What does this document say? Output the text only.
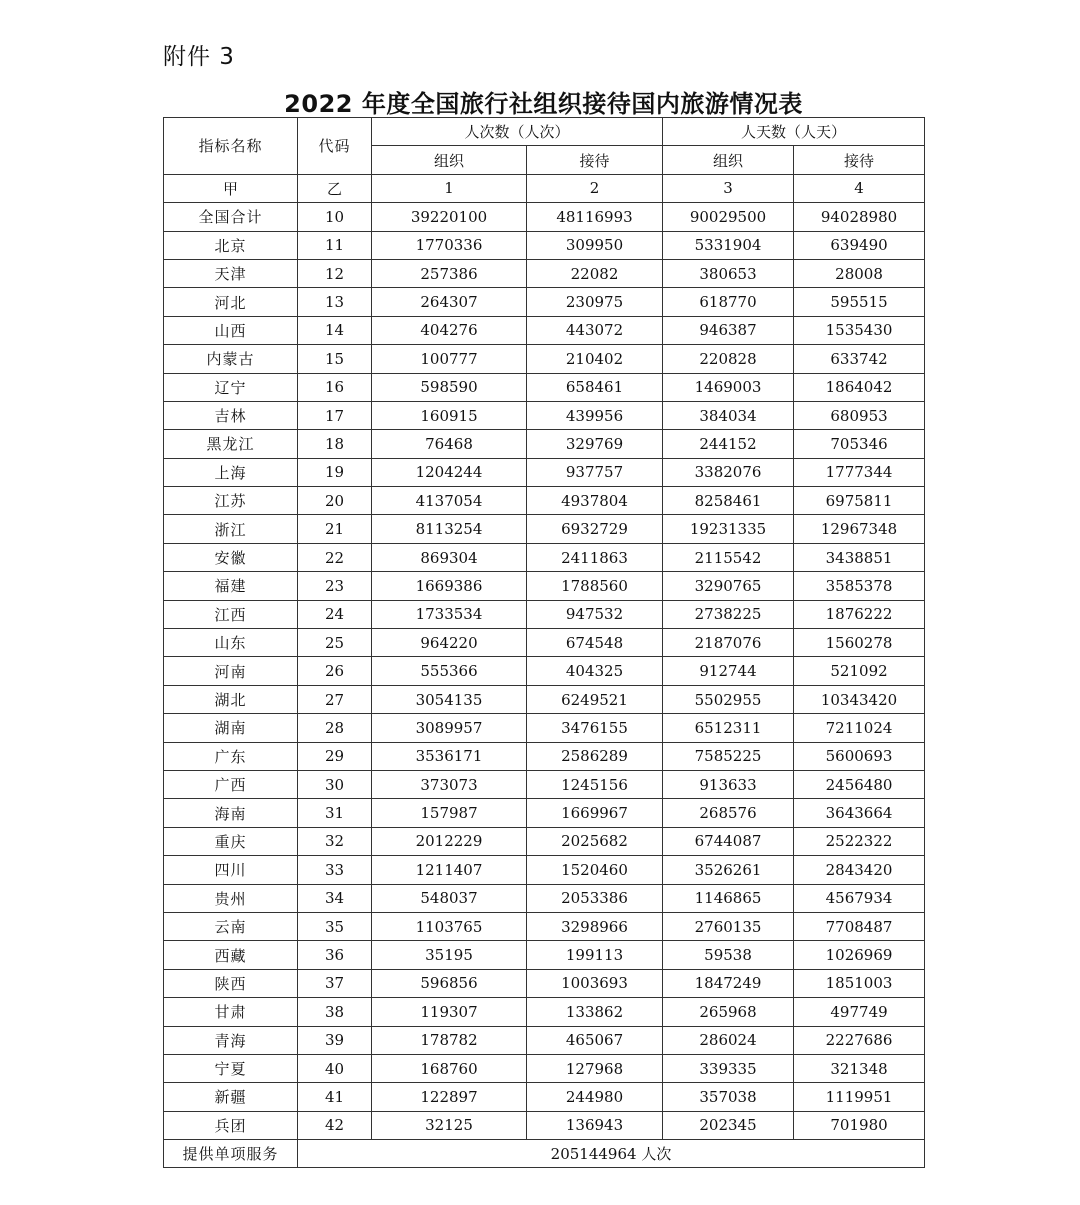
附件 3
2022 年度全国旅行社组织接待国内旅游情况表
指标名称	代码	人次数（人次）		人天数（人天）	
		组织	接待	组织	接待
甲	乙	1	2	3	4
全国合计	10	39220100	48116993	90029500	94028980
北京	11	1770336	309950	5331904	639490
天津	12	257386	22082	380653	28008
河北	13	264307	230975	618770	595515
山西	14	404276	443072	946387	1535430
内蒙古	15	100777	210402	220828	633742
辽宁	16	598590	658461	1469003	1864042
吉林	17	160915	439956	384034	680953
黑龙江	18	76468	329769	244152	705346
上海	19	1204244	937757	3382076	1777344
江苏	20	4137054	4937804	8258461	6975811
浙江	21	8113254	6932729	19231335	12967348
安徽	22	869304	2411863	2115542	3438851
福建	23	1669386	1788560	3290765	3585378
江西	24	1733534	947532	2738225	1876222
山东	25	964220	674548	2187076	1560278
河南	26	555366	404325	912744	521092
湖北	27	3054135	6249521	5502955	10343420
湖南	28	3089957	3476155	6512311	7211024
广东	29	3536171	2586289	7585225	5600693
广西	30	373073	1245156	913633	2456480
海南	31	157987	1669967	268576	3643664
重庆	32	2012229	2025682	6744087	2522322
四川	33	1211407	1520460	3526261	2843420
贵州	34	548037	2053386	1146865	4567934
云南	35	1103765	3298966	2760135	7708487
西藏	36	35195	199113	59538	1026969
陕西	37	596856	1003693	1847249	1851003
甘肃	38	119307	133862	265968	497749
青海	39	178782	465067	286024	2227686
宁夏	40	168760	127968	339335	321348
新疆	41	122897	244980	357038	1119951
兵团	42	32125	136943	202345	701980
提供单项服务	205144964 人次				
